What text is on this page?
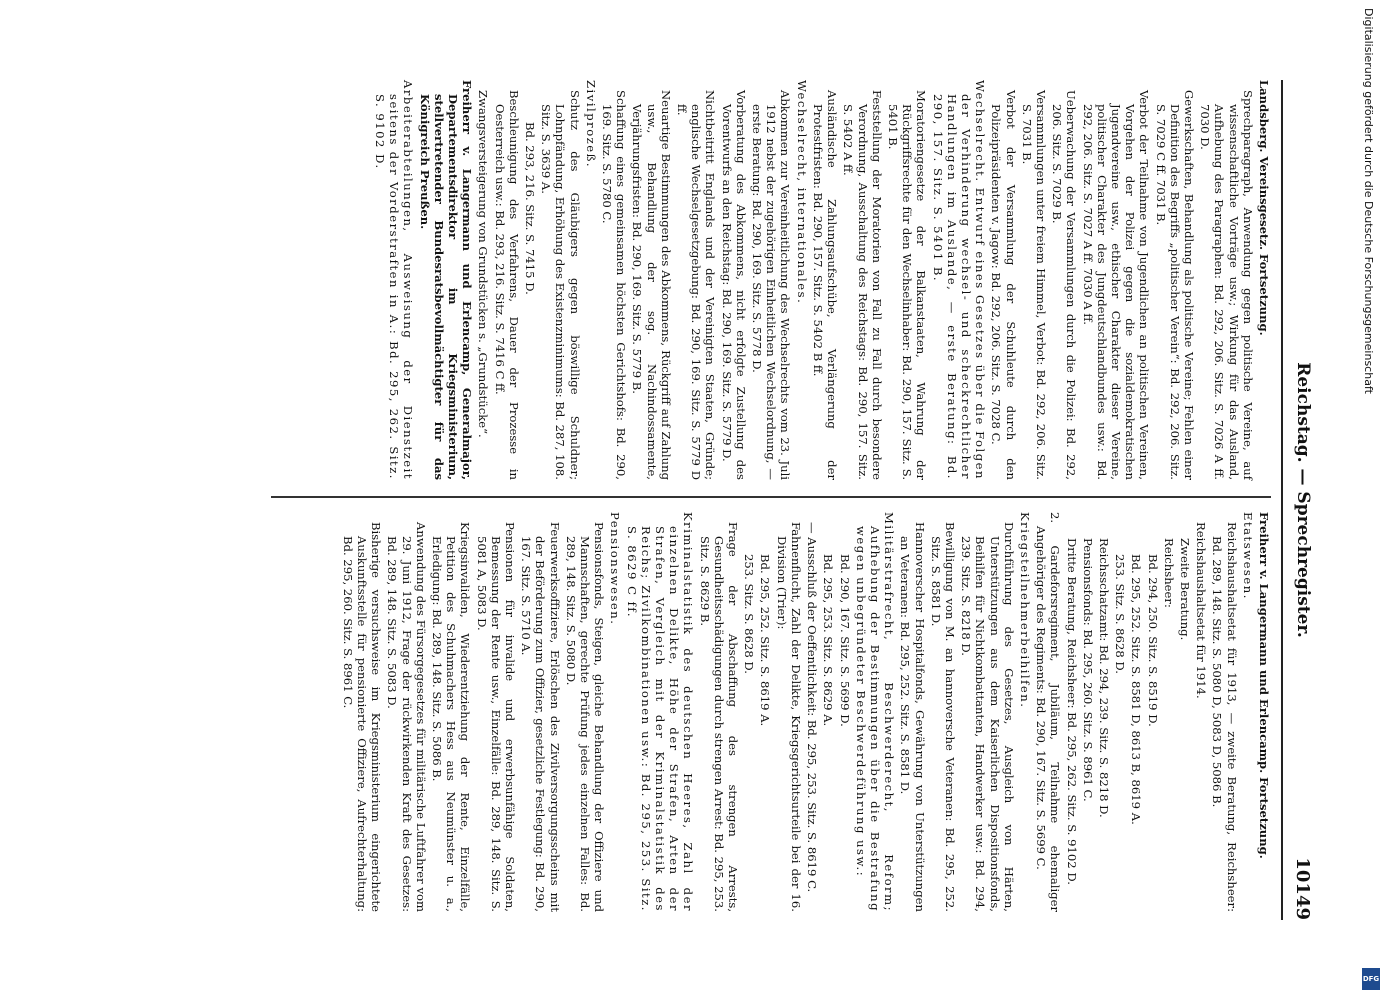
Reichstag. — Sprechregister.
10149

Landsberg. Vereinsgesetz. Fortsetzung.

Sprechparagraph, Anwendung gegen politische Vereine, auf wissenschaftliche Vorträge usw.; Wirkung für das Ausland, Aufhebung des Paragraphen: Bd. 292, 206. Sitz. S. 7026 A ff. 7030 D.

Gewerkschaften, Behandlung als politische Vereine; Fehlen einer Definition des Begriffs „politischer Verein“: Bd. 292, 206. Sitz. S. 7029 C ff. 7031 B.

Verbot der Teilnahme von Jugendlichen an politischen Vereinen, Vorgehen der Polizei gegen die sozialdemokratischen Jugendvereine usw., ethischer Charakter dieser Vereine, politischer Charakter des Jungdeutschlandbundes usw.: Bd. 292, 206. Sitz. S. 7027 A ff. 7030 A ff.

Ueberwachung der Versammlungen durch die Polizei: Bd. 292, 206. Sitz. S. 7029 B.

Versammlungen unter freiem Himmel, Verbot: Bd. 292, 206. Sitz. S. 7031 B.

Verbot der Versammlung der Schuhleute durch den Polizeipräsidenten v. Jagow: Bd. 292, 206. Sitz. S. 7028 C.

Wechselrecht. Entwurf eines Gesetzes über die Folgen der Verhinderung wechsel- und scheckrechtlicher Handlungen im Auslande, — erste Beratung: Bd. 290, 157. Sitz. S. 5401 B.

Moratoriengesetze der Balkanstaaten, Wahrung der Rückgriffsrechte für den Wechselinhaber: Bd. 290, 157. Sitz. S. 5401 B.

Feststellung der Moratorien von Fall zu Fall durch besondere Verordnung, Ausschaltung des Reichstags: Bd. 290, 157. Sitz. S. 5402 A ff.

Ausländische Zahlungsaufschübe, Verlängerung der Protestfristen: Bd. 290, 157. Sitz. S. 5402 B ff.

Wechselrecht, internationales.

Abkommen zur Vereinheitlichung des Wechselrechts vom 23. Juli 1912 nebst der zugehörigen Einheitlichen Wechselordnung, — erste Beratung: Bd. 290, 169. Sitz. S. 5778 D.

Vorberatung des Abkommens, nicht erfolgte Zustellung des Vorentwurfs an den Reichstag: Bd. 290, 169. Sitz. S. 5779 D.

Nichtbeitritt Englands und der Vereinigten Staaten, Gründe; englische Wechselgesetzgebung: Bd. 290, 169. Sitz. S. 5779 D ff.

Neuartige Bestimmungen des Abkommens, Rückgriff auf Zahlung usw., Behandlung der sog. Nachindossamente, Verjährungsfristen: Bd. 290, 169. Sitz. S. 5779 B.

Schaffung eines gemeinsamen höchsten Gerichtshofs: Bd. 290, 169. Sitz. S. 5780 C.

Zivilprozeß.

Schutz des Gläubigers gegen böswillige Schuldner; Lohnpfändung, Erhöhung des Existenzminimums: Bd. 287, 108. Sitz. S. 3639 A.

Bd. 293, 216. Sitz. S. 7415 D.

Beschleunigung des Verfahrens, Dauer der Prozesse in Oesterreich usw.: Bd. 293, 216. Sitz. S. 7416 C ff.

Zwangsversteigerung von Grundstücken s. „Grundstücke“.

Freiherr v. Langermann und Erlencamp, Generalmajor, Departementsdirektor im Kriegsministerium, stellvertretender Bundesratsbevollmächtigter für das Königreich Preußen.

Arbeiterabteilungen, Ausweisung der Dienstzeit seitens der Vorderstraften in A.: Bd. 295, 262. Sitz. S. 9102 D.

Freiherr v. Langermann und Erlencamp. Fortsetzung.

Etatswesen.

Reichshaushaltsetat für 1913, — zweite Beratung, Reichsheer: Bd. 289, 148. Sitz. S. 5080 D, 5083 D, 5086 B.

Reichshaushaltsetat für 1914.

Zweite Beratung.

Reichsheer:

Bd. 294, 250. Sitz. S. 8519 D.

Bd. 295, 252. Sitz. S. 8581 D, 8613 B, 8619 A.

253. Sitz. S. 8628 D.

Reichsschatzamt: Bd. 294, 239. Sitz. S. 8218 D.

Pensionsfonds: Bd. 295, 260. Sitz. S. 8961 C.

Dritte Beratung, Reichsheer: Bd. 295, 262. Sitz. S. 9102 D.

2. Gardeforsregiment, Jubiläum, Teilnahme ehemaliger Angehöriger des Regiments: Bd. 290, 167. Sitz. S. 5699 C.

Kriegsteilnehmerbeihilfen.

Durchführung des Gesetzes, Ausgleich von Härten, Unterstützungen aus dem Kaiserlichen Dispositionsfonds, Beihilfen für Nichtkombattanten, Handwerker usw.: Bd. 294, 239. Sitz. S. 8218 D.

Bewilligung von M. an hannoversche Veteranen: Bd. 295, 252. Sitz. S. 8581 D.

Hannoverscher Hospitalfonds, Gewährung von Unterstützungen an Veteranen: Bd. 295, 252. Sitz. S. 8581 D.

Militärstrafrecht, Beschwerderecht, Reform; Aufhebung der Bestimmungen über die Bestrafung wegen unbegründeter Beschwerdeführung usw.:

Bd. 290, 167. Sitz. S. 5699 D.

Bd. 295, 253. Sitz. S. 8629 A.

— Ausschluß der Oeffentlichkeit: Bd. 295, 253. Sitz. S. 8619 C.

Fahnenflucht, Zahl der Delikte, Kriegsgerichtsurteile bei der 16. Division (Trier):

Bd. 295, 252. Sitz. S. 8619 A.

253. Sitz. S. 8628 D.

Frage der Abschaffung des strengen Arrests, Gesundheitsschädigungen durch strengen Arrest: Bd. 295, 253. Sitz. S. 8629 B.

Kriminalstatistik des deutschen Heeres, Zahl der einzelnen Delikte, Höhe der Strafen, Arten der Strafen, Vergleich mit der Kriminalstatistik des Reichs; Zivilkombinationen usw.: Bd. 295, 253. Sitz. S. 8629 C ff.

Pensionswesen.

Pensionsfonds, Steigen, gleiche Behandlung der Offiziere und Mannschaften, gerechte Prüfung jedes einzelnen Falles: Bd. 289, 148. Sitz. S. 5080 D.

Feuerwerksoffiziere, Erlöschen des Zivilversorgungsscheins mit der Beförderung zum Offizier, gesetzliche Festlegung: Bd. 290, 167. Sitz. S. 5710 A.

Pensionen für invalide und erwerbsunfähige Soldaten, Bemessung der Rente usw., Einzelfälle: Bd. 289, 148. Sitz. S. 5081 A, 5083 D.

Kriegsinvaliden, Wiederentziehung der Rente, Einzelfälle, Petition des Schuhmachers Hess aus Neumünster u. a., Erledigung: Bd. 289, 148. Sitz. S. 5086 B.

Anwendung des Fürsorgegesetzes für militärische Luftfahrer vom 29. Juni 1912, Frage der rückwirkenden Kraft des Gesetzes: Bd. 289, 148. Sitz. S. 5083 D.

Bisherige versuchsweise im Kriegsministerium eingerichtete Auskunftsstelle für pensionierte Offiziere, Aufrechterhaltung: Bd. 295, 260. Sitz. S. 8961 C.

Digitalisierung gefördert durch die Deutsche Forschungsgemeinschaft
DFG
